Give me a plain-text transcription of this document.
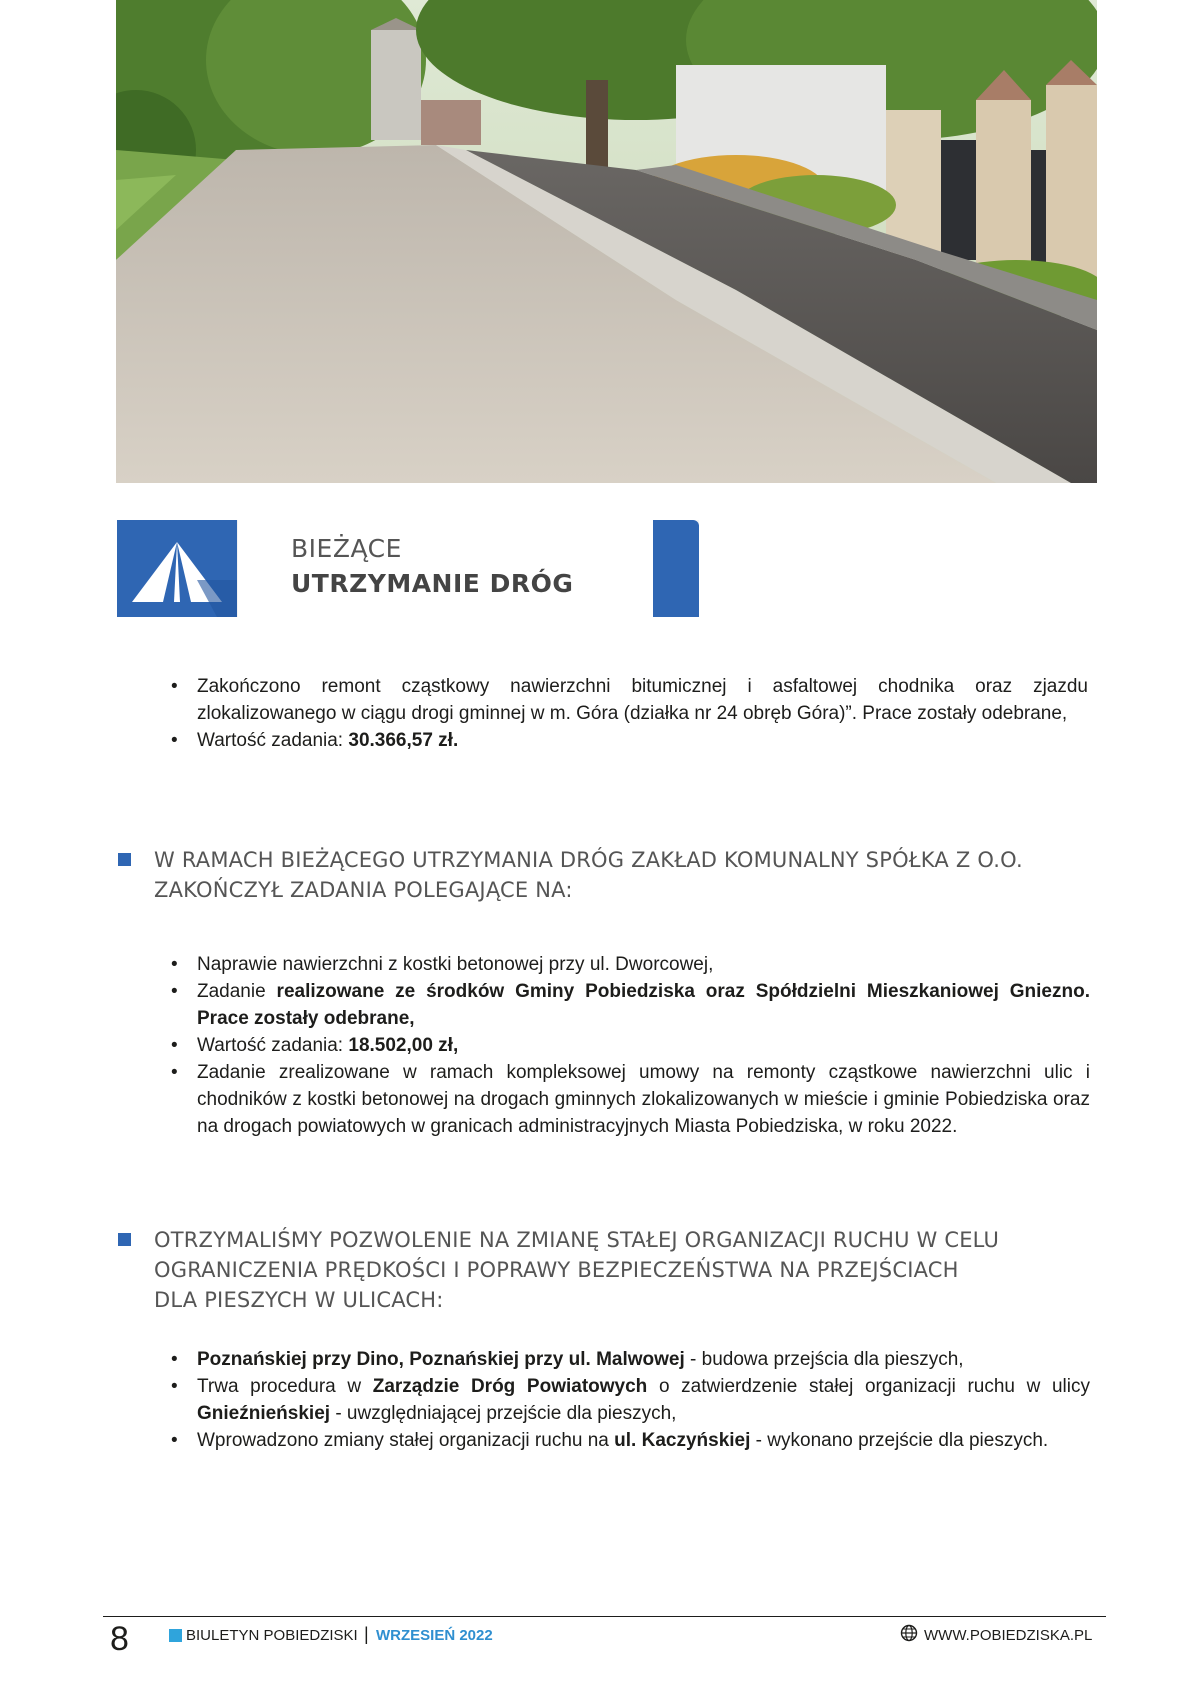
BIEŻĄCE
UTRZYMANIE DRÓG
• Zakończono remont cząstkowy nawierzchni bitumicznej i asfaltowej chodnika oraz zjazdu zlokalizowanego w ciągu drogi gminnej w m. Góra (działka nr 24 obręb Góra)”. Prace zostały odebrane,
• Wartość zadania: 30.366,57 zł.
W RAMACH BIEŻĄCEGO UTRZYMANIA DRÓG ZAKŁAD KOMUNALNY SPÓŁKA Z O.O. ZAKOŃCZYŁ ZADANIA POLEGAJĄCE NA:
• Naprawie nawierzchni z kostki betonowej przy ul. Dworcowej,
• Zadanie realizowane ze środków Gminy Pobiedziska oraz Spółdzielni Mieszkaniowej Gniezno. Prace zostały odebrane,
• Wartość zadania: 18.502,00 zł,
• Zadanie zrealizowane w ramach kompleksowej umowy na remonty cząstkowe nawierzchni ulic i chodników z kostki betonowej na drogach gminnych zlokalizowanych w mieście i gminie Pobiedziska oraz na drogach powiatowych w granicach administracyjnych Miasta Pobiedziska, w roku 2022.
OTRZYMALIŚMY POZWOLENIE NA ZMIANĘ STAŁEJ ORGANIZACJI RUCHU W CELU
OGRANICZENIA PRĘDKOŚCI I POPRAWY BEZPIECZEŃSTWA NA PRZEJŚCIACH
DLA PIESZYCH W ULICACH:
• Poznańskiej przy Dino, Poznańskiej przy ul. Malwowej - budowa przejścia dla pieszych,
• Trwa procedura w Zarządzie Dróg Powiatowych o zatwierdzenie stałej organizacji ruchu w ulicy Gnieźnieńskiej - uwzględniającej przejście dla pieszych,
• Wprowadzono zmiany stałej organizacji ruchu na ul. Kaczyńskiej - wykonano przejście dla pieszych.
8	BIULETYN POBIEDZISKI | WRZESIEŃ 2022	WWW.POBIEDZISKA.PL
